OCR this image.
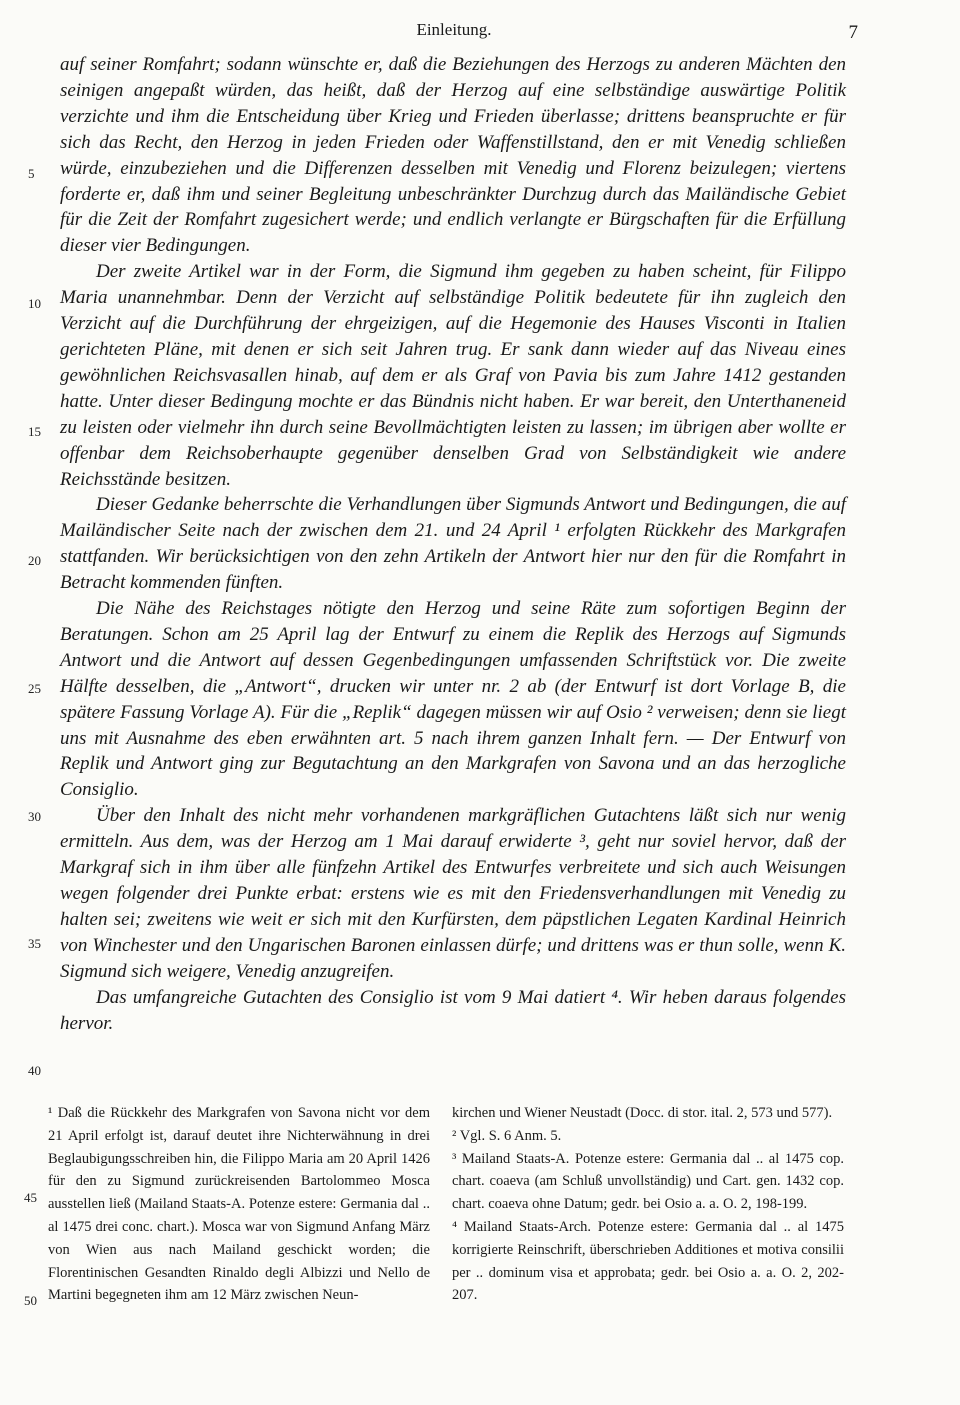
Einleitung.	7
5
10
15
20
25
30
35
40

auf seiner Romfahrt; sodann wünschte er, daß die Beziehungen des Herzogs zu anderen Mächten den seinigen angepaßt würden, das heißt, daß der Herzog auf eine selbständige auswärtige Politik verzichte und ihm die Entscheidung über Krieg und Frieden überlasse; drittens beanspruchte er für sich das Recht, den Herzog in jeden Frieden oder Waffenstillstand, den er mit Venedig schließen würde, einzubeziehen und die Differenzen desselben mit Venedig und Florenz beizulegen; viertens forderte er, daß ihm und seiner Begleitung unbeschränkter Durchzug durch das Mailändische Gebiet für die Zeit der Romfahrt zugesichert werde; und endlich verlangte er Bürgschaften für die Erfüllung dieser vier Bedingungen.

Der zweite Artikel war in der Form, die Sigmund ihm gegeben zu haben scheint, für Filippo Maria unannehmbar. Denn der Verzicht auf selbständige Politik bedeutete für ihn zugleich den Verzicht auf die Durchführung der ehrgeizigen, auf die Hegemonie des Hauses Visconti in Italien gerichteten Pläne, mit denen er sich seit Jahren trug. Er sank dann wieder auf das Niveau eines gewöhnlichen Reichsvasallen hinab, auf dem er als Graf von Pavia bis zum Jahre 1412 gestanden hatte. Unter dieser Bedingung mochte er das Bündnis nicht haben. Er war bereit, den Unterthaneneid zu leisten oder vielmehr ihn durch seine Bevollmächtigten leisten zu lassen; im übrigen aber wollte er offenbar dem Reichsoberhaupte gegenüber denselben Grad von Selbständigkeit wie andere Reichsstände besitzen.

Dieser Gedanke beherrschte die Verhandlungen über Sigmunds Antwort und Bedingungen, die auf Mailändischer Seite nach der zwischen dem 21. und 24 April ¹ erfolgten Rückkehr des Markgrafen stattfanden. Wir berücksichtigen von den zehn Artikeln der Antwort hier nur den für die Romfahrt in Betracht kommenden fünften.

Die Nähe des Reichstages nötigte den Herzog und seine Räte zum sofortigen Beginn der Beratungen. Schon am 25 April lag der Entwurf zu einem die Replik des Herzogs auf Sigmunds Antwort und die Antwort auf dessen Gegenbedingungen umfassenden Schriftstück vor. Die zweite Hälfte desselben, die „Antwort“, drucken wir unter nr. 2 ab (der Entwurf ist dort Vorlage B, die spätere Fassung Vorlage A). Für die „Replik“ dagegen müssen wir auf Osio ² verweisen; denn sie liegt uns mit Ausnahme des eben erwähnten art. 5 nach ihrem ganzen Inhalt fern. — Der Entwurf von Replik und Antwort ging zur Begutachtung an den Markgrafen von Savona und an das herzogliche Consiglio.

Über den Inhalt des nicht mehr vorhandenen markgräflichen Gutachtens läßt sich nur wenig ermitteln. Aus dem, was der Herzog am 1 Mai darauf erwiderte ³, geht nur soviel hervor, daß der Markgraf sich in ihm über alle fünfzehn Artikel des Entwurfes verbreitete und sich auch Weisungen wegen folgender drei Punkte erbat: erstens wie es mit den Friedensverhandlungen mit Venedig zu halten sei; zweitens wie weit er sich mit den Kurfürsten, dem päpstlichen Legaten Kardinal Heinrich von Winchester und den Ungarischen Baronen einlassen dürfe; und drittens was er thun solle, wenn K. Sigmund sich weigere, Venedig anzugreifen.

Das umfangreiche Gutachten des Consiglio ist vom 9 Mai datiert ⁴. Wir heben daraus folgendes hervor.

45
50

¹ Daß die Rückkehr des Markgrafen von Savona nicht vor dem 21 April erfolgt ist, darauf deutet ihre Nichterwähnung in drei Beglaubigungsschreiben hin, die Filippo Maria am 20 April 1426 für den zu Sigmund zurückreisenden Bartolommeo Mosca ausstellen ließ (Mailand Staats-A. Potenze estere: Germania dal .. al 1475 drei conc. chart.). Mosca war von Sigmund Anfang März von Wien aus nach Mailand geschickt worden; die Florentinischen Gesandten Rinaldo degli Albizzi und Nello de Martini begegneten ihm am 12 März zwischen Neun-

kirchen und Wiener Neustadt (Docc. di stor. ital. 2, 573 und 577).

² Vgl. S. 6 Anm. 5.

³ Mailand Staats-A. Potenze estere: Germania dal .. al 1475 cop. chart. coaeva (am Schluß unvollständig) und Cart. gen. 1432 cop. chart. coaeva ohne Datum; gedr. bei Osio a. a. O. 2, 198-199.

⁴ Mailand Staats-Arch. Potenze estere: Germania dal .. al 1475 korrigierte Reinschrift, überschrieben Additiones et motiva consilii per .. dominum visa et approbata; gedr. bei Osio a. a. O. 2, 202-207.
